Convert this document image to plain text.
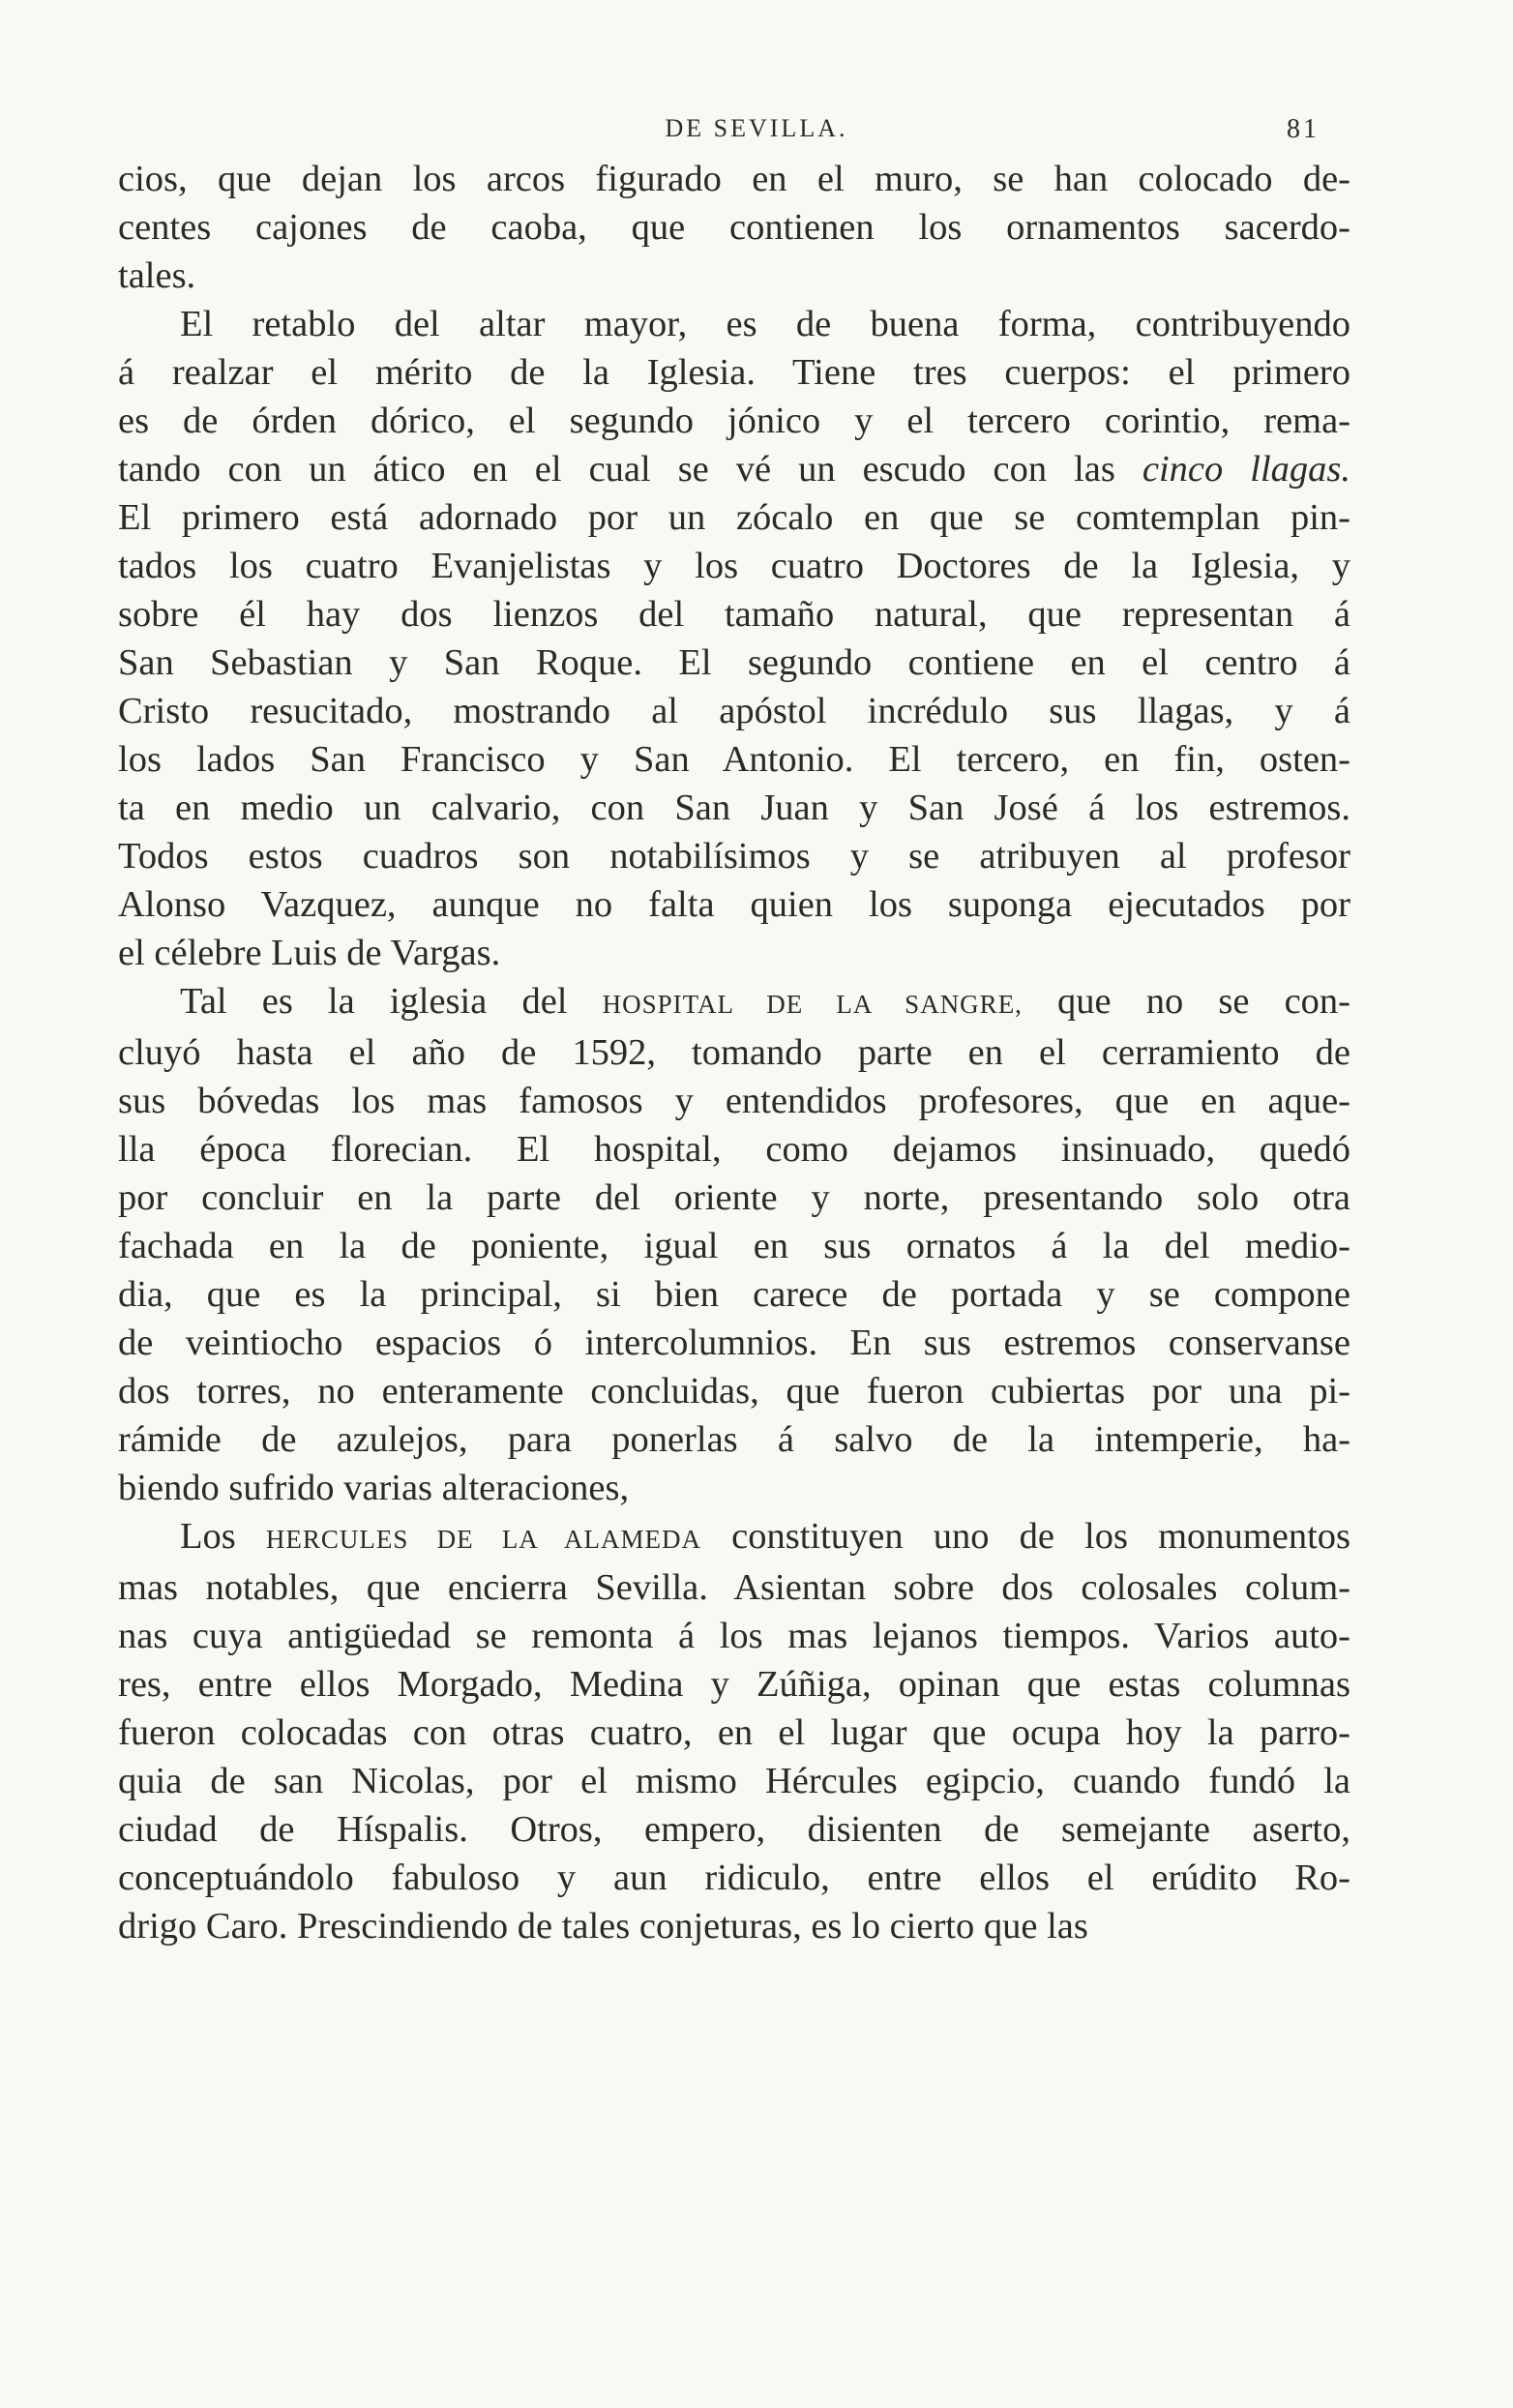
DE SEVILLA.	81

cios, que dejan los arcos figurado en el muro, se han colocado de-
centes cajones de caoba, que contienen los ornamentos sacerdo-
tales.

El retablo del altar mayor, es de buena forma, contribuyendo
á realzar el mérito de la Iglesia. Tiene tres cuerpos: el primero
es de órden dórico, el segundo jónico y el tercero corintio, rema-
tando con un ático en el cual se vé un escudo con las cinco llagas.
El primero está adornado por un zócalo en que se comtemplan pin-
tados los cuatro Evanjelistas y los cuatro Doctores de la Iglesia, y
sobre él hay dos lienzos del tamaño natural, que representan á
San Sebastian y San Roque. El segundo contiene en el centro á
Cristo resucitado, mostrando al apóstol incrédulo sus llagas, y á
los lados San Francisco y San Antonio. El tercero, en fin, osten-
ta en medio un calvario, con San Juan y San José á los estremos.
Todos estos cuadros son notabilísimos y se atribuyen al profesor
Alonso Vazquez, aunque no falta quien los suponga ejecutados por
el célebre Luis de Vargas.

Tal es la iglesia del HOSPITAL DE LA SANGRE, que no se con-
cluyó hasta el año de 1592, tomando parte en el cerramiento de
sus bóvedas los mas famosos y entendidos profesores, que en aque-
lla época florecian. El hospital, como dejamos insinuado, quedó
por concluir en la parte del oriente y norte, presentando solo otra
fachada en la de poniente, igual en sus ornatos á la del medio-
dia, que es la principal, si bien carece de portada y se compone
de veintiocho espacios ó intercolumnios. En sus estremos conservanse
dos torres, no enteramente concluidas, que fueron cubiertas por una pi-
rámide de azulejos, para ponerlas á salvo de la intemperie, ha-
biendo sufrido varias alteraciones,

Los HERCULES DE LA ALAMEDA constituyen uno de los monumentos
mas notables, que encierra Sevilla. Asientan sobre dos colosales colum-
nas cuya antigüedad se remonta á los mas lejanos tiempos. Varios auto-
res, entre ellos Morgado, Medina y Zúñiga, opinan que estas columnas
fueron colocadas con otras cuatro, en el lugar que ocupa hoy la parro-
quia de san Nicolas, por el mismo Hércules egipcio, cuando fundó la
ciudad de Híspalis. Otros, empero, disienten de semejante aserto,
conceptuándolo fabuloso y aun ridiculo, entre ellos el erúdito Ro-
drigo Caro. Prescindiendo de tales conjeturas, es lo cierto que las
